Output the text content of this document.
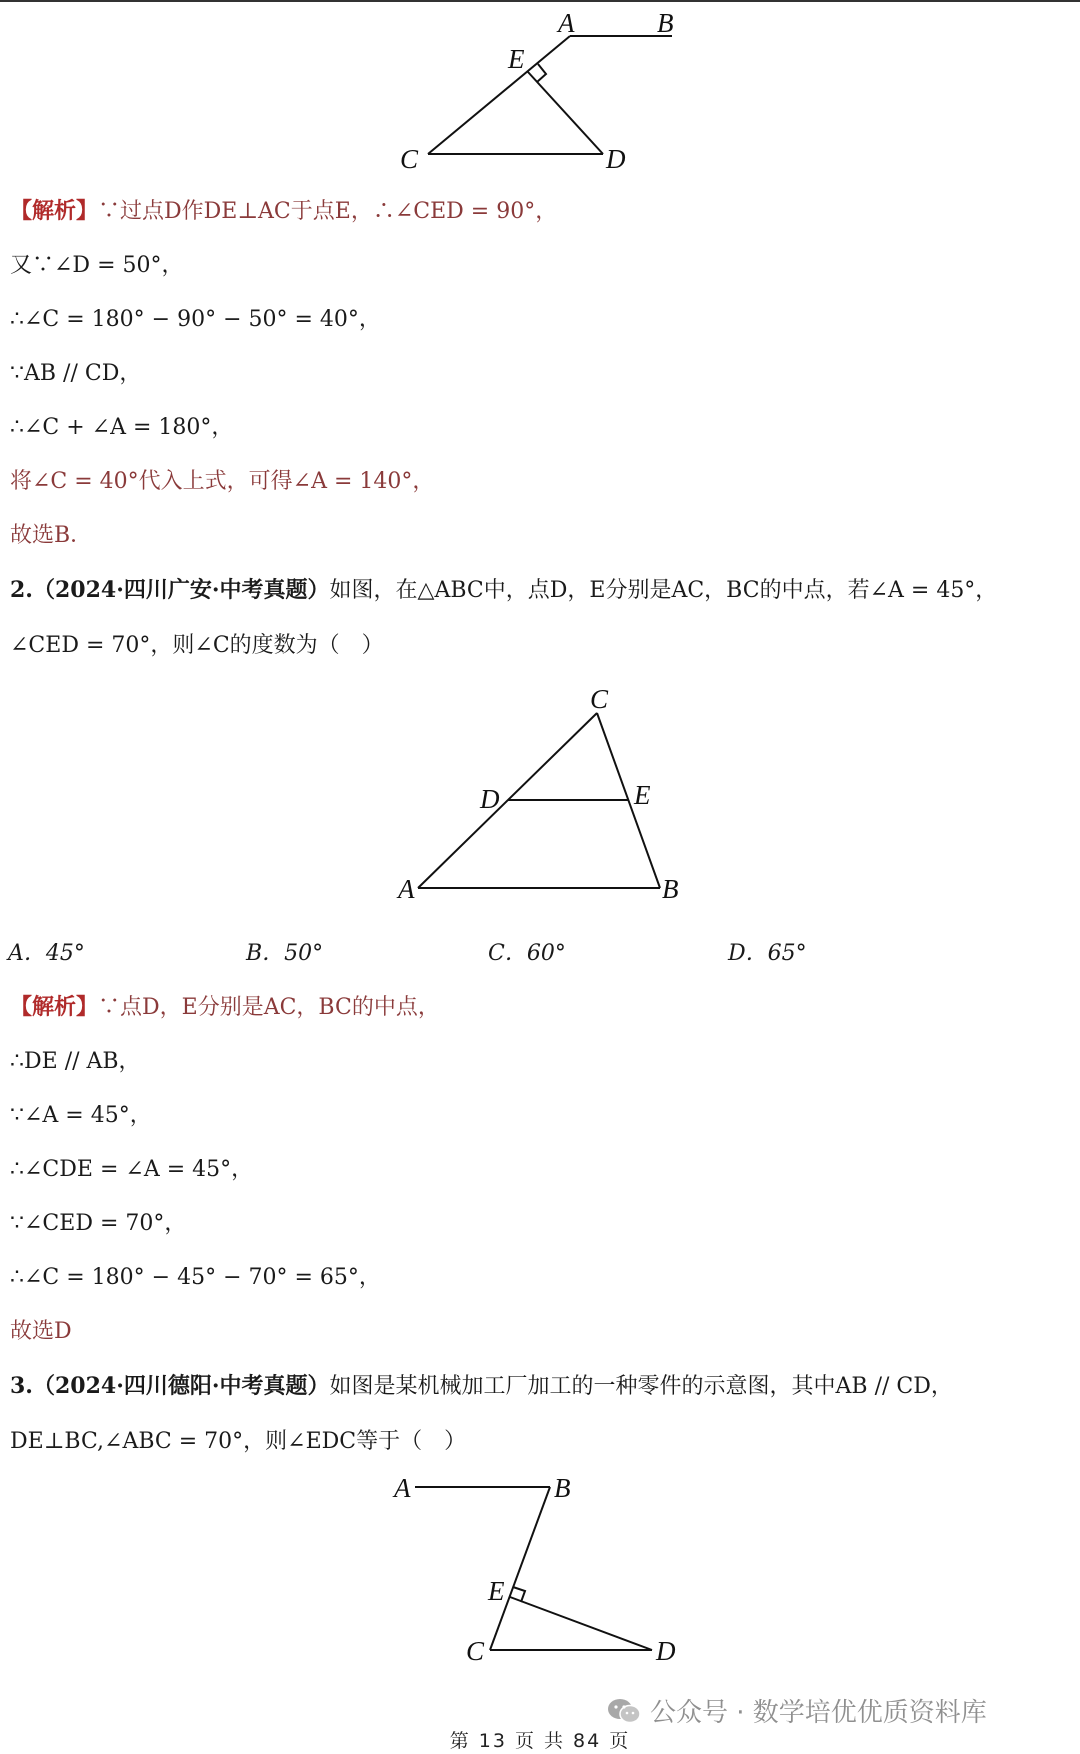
A	B
E
C	D
【解析】∵过点D作DE⊥AC于点E，∴∠CED = 90°，
又∵∠D = 50°，
∴∠C = 180° − 90° − 50° = 40°，
∵AB // CD，
∴∠C + ∠A = 180°，
将∠C = 40°代入上式，可得∠A = 140°，
故选B．
2.（2024·四川广安·中考真题）如图，在△ABC中，点D，E分别是AC，BC的中点，若∠A = 45°，
∠CED = 70°，则∠C的度数为（　）
C
D	E
A	B
A．45°	B．50°	C．60°	D．65°
【解析】∵点D，E分别是AC，BC的中点，
∴DE // AB，
∵∠A = 45°，
∴∠CDE = ∠A = 45°，
∵∠CED = 70°，
∴∠C = 180° − 45° − 70° = 65°，
故选D
3.（2024·四川德阳·中考真题）如图是某机械加工厂加工的一种零件的示意图，其中AB // CD，
DE⊥BC,∠ABC = 70°，则∠EDC等于（　）
A	B
E
C	D
公众号 · 数学培优优质资料库
第 13 页 共 84 页
